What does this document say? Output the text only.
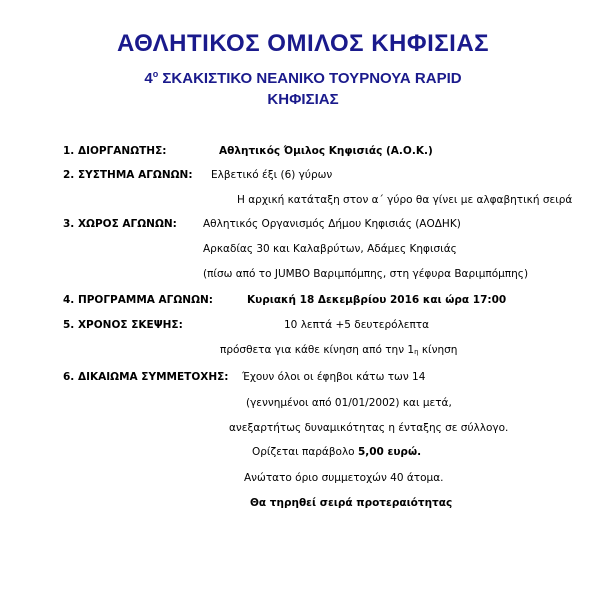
ΑΘΛΗΤΙΚΟΣ ΟΜΙΛΟΣ ΚΗΦΙΣΙΑΣ
$4^o$ ΣΚΑΚΙΣΤΙΚΟ ΝΕΑΝΙΚΟ ΤΟΥΡΝΟΥΑ RAPID
ΚΗΦΙΣΙΑΣ
1. ΔΙΟΡΓΑΝΩΤΗΣ:	Αθλητικός Όμιλος Κηφισιάς (Α.Ο.Κ.)
2. ΣΥΣΤΗΜΑ ΑΓΩΝΩΝ: Ελβετικό έξι (6) γύρων
Η αρχική κατάταξη στον α΄ γύρο θα γίνει με αλφαβητική σειρά
3. ΧΩΡΟΣ ΑΓΩΝΩΝ: Αθλητικός Οργανισμός Δήμου Κηφισιάς (ΑΟΔΗΚ)
Αρκαδίας 30 και Καλαβρύτων, Αδάμες Κηφισιάς
(πίσω από το JUMBO Βαριμπόμπης, στη γέφυρα Βαριμπόμπης)
4. ΠΡΟΓΡΑΜΜΑ ΑΓΩΝΩΝ:	Κυριακή 18 Δεκεμβρίου 2016 και ώρα 17:00
5. ΧΡΟΝΟΣ ΣΚΕΨΗΣ:	10 λεπτά +5 δευτερόλεπτα
πρόσθετα για κάθε κίνηση από την $1_\eta$ κίνηση
6. ΔΙΚΑΙΩΜΑ ΣΥΜΜΕΤΟΧΗΣ: Έχουν όλοι οι έφηβοι κάτω των 14
(γεννημένοι από 01/01/2002) και μετά,
ανεξαρτήτως δυναμικότητας η ένταξης σε σύλλογο.
Ορίζεται παράβολο 5,00 ευρώ.
Ανώτατο όριο συμμετοχών 40 άτομα.
Θα τηρηθεί σειρά προτεραιότητας
